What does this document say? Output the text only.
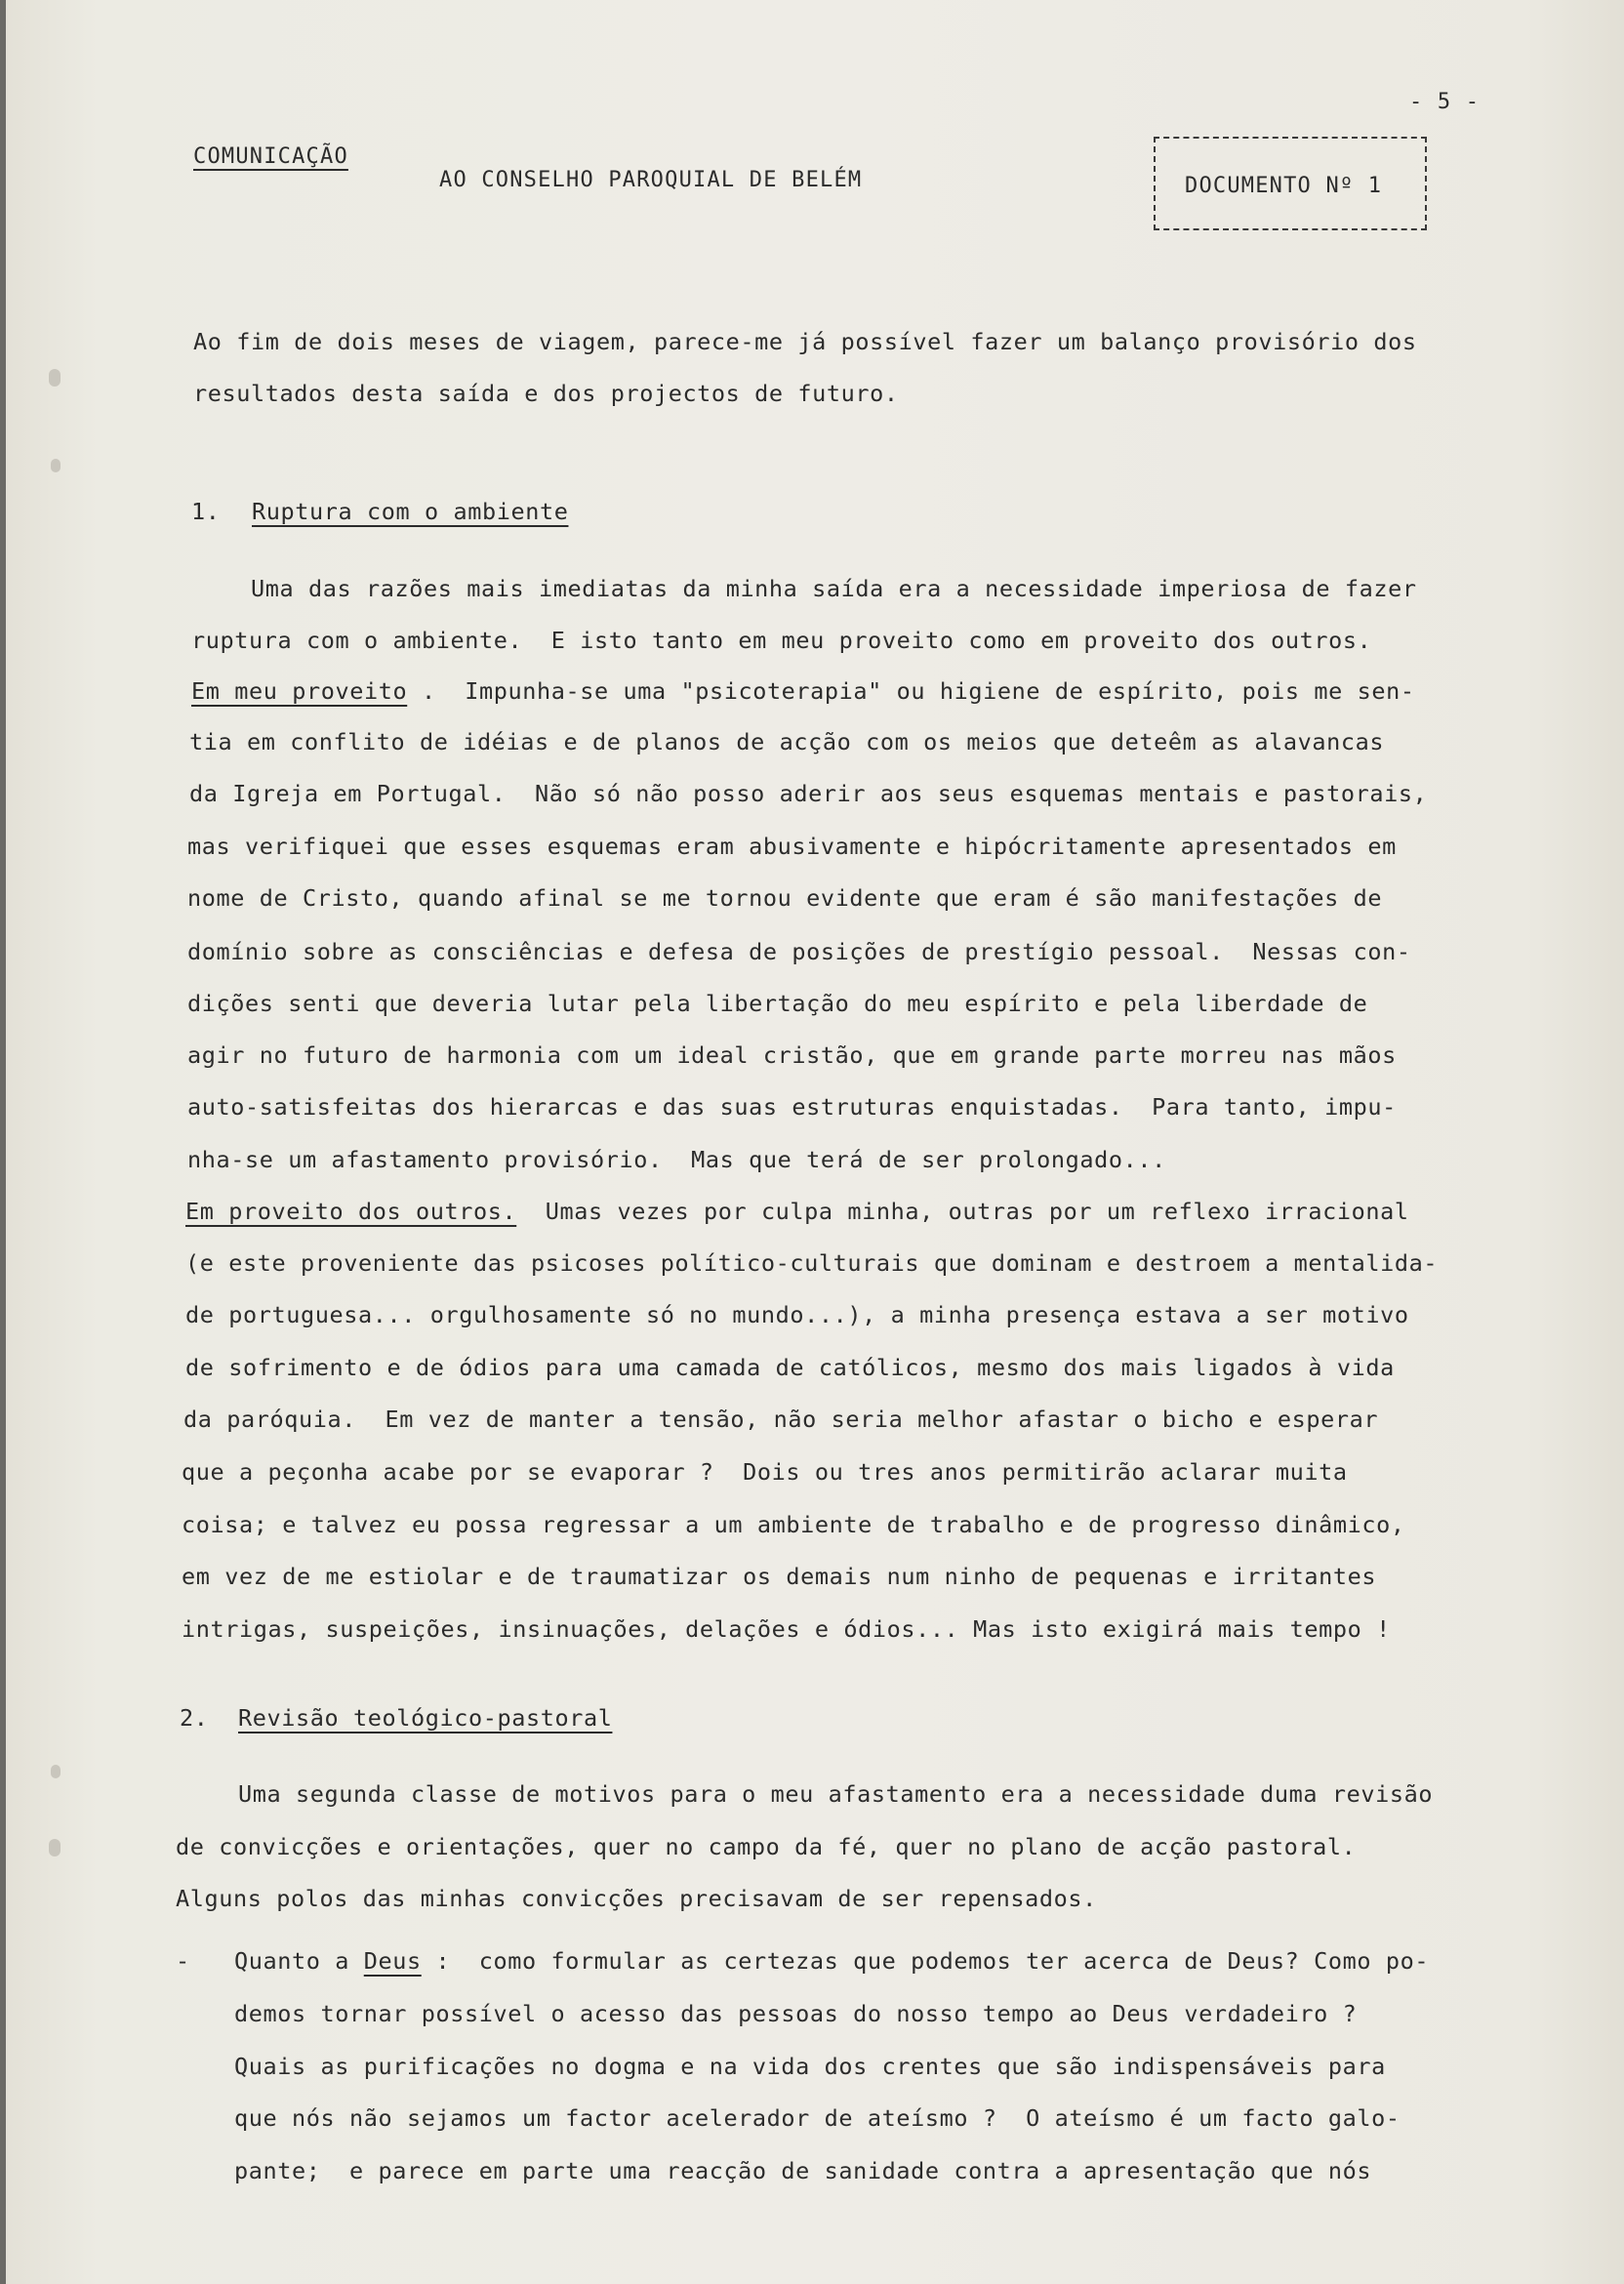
- 5 -
COMUNICAÇÃO
AO CONSELHO PAROQUIAL DE BELÉM	DOCUMENTO Nº 1
Ao fim de dois meses de viagem, parece-me já possível fazer um balanço provisório dos
resultados desta saída e dos projectos de futuro.
1. Ruptura com o ambiente
Uma das razões mais imediatas da minha saída era a necessidade imperiosa de fazer
ruptura com o ambiente.  E isto tanto em meu proveito como em proveito dos outros.
Em meu proveito .  Impunha-se uma "psicoterapia" ou higiene de espírito, pois me sen-
tia em conflito de idéias e de planos de acção com os meios que deteêm as alavancas
da Igreja em Portugal.  Não só não posso aderir aos seus esquemas mentais e pastorais,
mas verifiquei que esses esquemas eram abusivamente e hipócritamente apresentados em
nome de Cristo, quando afinal se me tornou evidente que eram é são manifestações de
domínio sobre as consciências e defesa de posições de prestígio pessoal.  Nessas con-
dições senti que deveria lutar pela libertação do meu espírito e pela liberdade de
agir no futuro de harmonia com um ideal cristão, que em grande parte morreu nas mãos
auto-satisfeitas dos hierarcas e das suas estruturas enquistadas.  Para tanto, impu-
nha-se um afastamento provisório.  Mas que terá de ser prolongado...
Em proveito dos outros.  Umas vezes por culpa minha, outras por um reflexo irracional
(e este proveniente das psicoses político-culturais que dominam e destroem a mentalida-
de portuguesa... orgulhosamente só no mundo...), a minha presença estava a ser motivo
de sofrimento e de ódios para uma camada de católicos, mesmo dos mais ligados à vida
da paróquia.  Em vez de manter a tensão, não seria melhor afastar o bicho e esperar
que a peçonha acabe por se evaporar ?  Dois ou tres anos permitirão aclarar muita
coisa; e talvez eu possa regressar a um ambiente de trabalho e de progresso dinâmico,
em vez de me estiolar e de traumatizar os demais num ninho de pequenas e irritantes
intrigas, suspeições, insinuações, delações e ódios... Mas isto exigirá mais tempo !
2. Revisão teológico-pastoral
Uma segunda classe de motivos para o meu afastamento era a necessidade duma revisão
de convicções e orientações, quer no campo da fé, quer no plano de acção pastoral.
Alguns polos das minhas convicções precisavam de ser repensados.
- Quanto a Deus :  como formular as certezas que podemos ter acerca de Deus? Como po-
demos tornar possível o acesso das pessoas do nosso tempo ao Deus verdadeiro ?
Quais as purificações no dogma e na vida dos crentes que são indispensáveis para
que nós não sejamos um factor acelerador de ateísmo ?  O ateísmo é um facto galo-
pante;  e parece em parte uma reacção de sanidade contra a apresentação que nós
